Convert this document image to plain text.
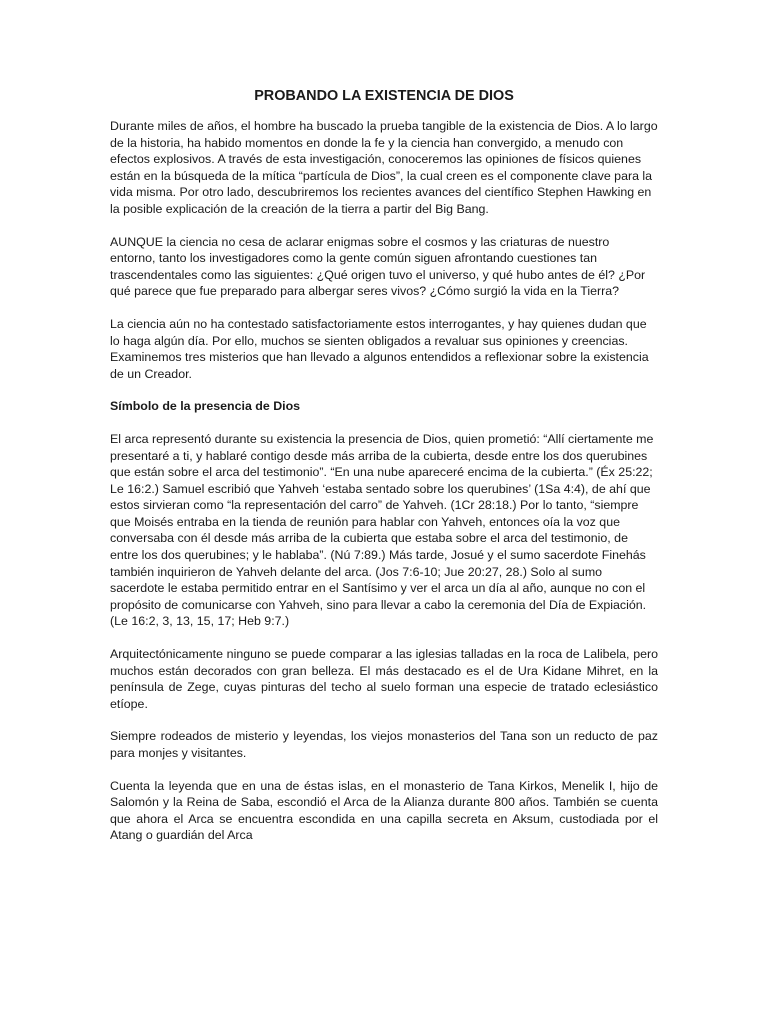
PROBANDO LA EXISTENCIA DE DIOS

Durante miles de años, el hombre ha buscado la prueba tangible de la existencia de Dios. A lo largo de la historia, ha habido momentos en donde la fe y la ciencia han convergido, a menudo con efectos explosivos. A través de esta investigación, conoceremos las opiniones de físicos quienes están en la búsqueda de la mítica “partícula de Dios”, la cual creen es el componente clave para la vida misma. Por otro lado, descubriremos los recientes avances del científico Stephen Hawking en la posible explicación de la creación de la tierra a partir del Big Bang.

AUNQUE la ciencia no cesa de aclarar enigmas sobre el cosmos y las criaturas de nuestro entorno, tanto los investigadores como la gente común siguen afrontando cuestiones tan trascendentales como las siguientes: ¿Qué origen tuvo el universo, y qué hubo antes de él? ¿Por qué parece que fue preparado para albergar seres vivos? ¿Cómo surgió la vida en la Tierra?

La ciencia aún no ha contestado satisfactoriamente estos interrogantes, y hay quienes dudan que lo haga algún día. Por ello, muchos se sienten obligados a revaluar sus opiniones y creencias. Examinemos tres misterios que han llevado a algunos entendidos a reflexionar sobre la existencia de un Creador.

Símbolo de la presencia de Dios

El arca representó durante su existencia la presencia de Dios, quien prometió: “Allí ciertamente me presentaré a ti, y hablaré contigo desde más arriba de la cubierta, desde entre los dos querubines que están sobre el arca del testimonio”. “En una nube apareceré encima de la cubierta.” (Éx 25:22; Le 16:2.) Samuel escribió que Yahveh ‘estaba sentado sobre los querubines’ (1Sa 4:4), de ahí que estos sirvieran como “la representación del carro” de Yahveh. (1Cr 28:18.) Por lo tanto, “siempre que Moisés entraba en la tienda de reunión para hablar con Yahveh, entonces oía la voz que conversaba con él desde más arriba de la cubierta que estaba sobre el arca del testimonio, de entre los dos querubines; y le hablaba”. (Nú 7:89.) Más tarde, Josué y el sumo sacerdote Finehás también inquirieron de Yahveh delante del arca. (Jos 7:6-10; Jue 20:27, 28.) Solo al sumo sacerdote le estaba permitido entrar en el Santísimo y ver el arca un día al año, aunque no con el propósito de comunicarse con Yahveh, sino para llevar a cabo la ceremonia del Día de Expiación. (Le 16:2, 3, 13, 15, 17; Heb 9:7.)

Arquitectónicamente ninguno se puede comparar a las iglesias talladas en la roca de Lalibela, pero muchos están decorados con gran belleza. El más destacado es el de Ura Kidane Mihret, en la península de Zege, cuyas pinturas del techo al suelo forman una especie de tratado eclesiástico etíope.

Siempre rodeados de misterio y leyendas, los viejos monasterios del Tana son un reducto de paz para monjes y visitantes.

Cuenta la leyenda que en una de éstas islas, en el monasterio de Tana Kirkos, Menelik I, hijo de Salomón y la Reina de Saba, escondió el Arca de la Alianza durante 800 años. También se cuenta que ahora el Arca se encuentra escondida en una capilla secreta en Aksum, custodiada por el Atang o guardián del Arca
